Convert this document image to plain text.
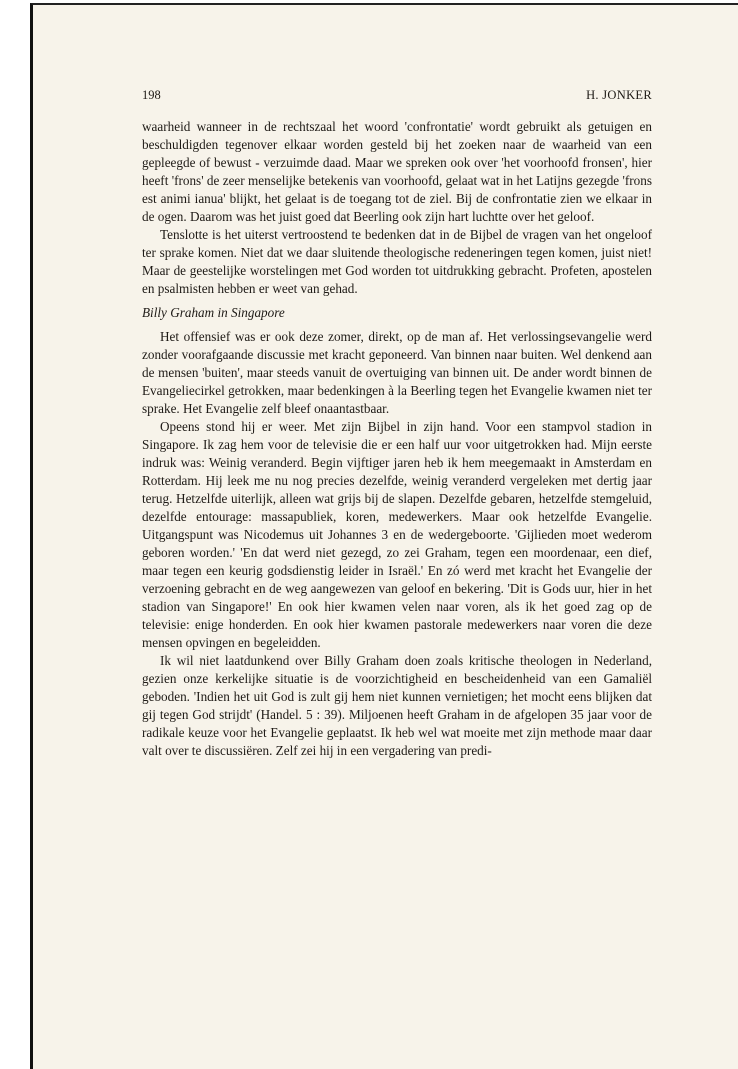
198	H. JONKER

waarheid wanneer in de rechtszaal het woord 'confrontatie' wordt gebruikt als getuigen en beschuldigden tegenover elkaar worden gesteld bij het zoeken naar de waarheid van een gepleegde of bewust - verzuimde daad. Maar we spreken ook over 'het voorhoofd fronsen', hier heeft 'frons' de zeer menselijke betekenis van voorhoofd, gelaat wat in het Latijns gezegde 'frons est animi ianua' blijkt, het gelaat is de toegang tot de ziel. Bij de confrontatie zien we elkaar in de ogen. Daarom was het juist goed dat Beerling ook zijn hart luchtte over het geloof.

Tenslotte is het uiterst vertroostend te bedenken dat in de Bijbel de vragen van het ongeloof ter sprake komen. Niet dat we daar sluitende theologische redeneringen tegen komen, juist niet! Maar de geestelijke worstelingen met God worden tot uitdrukking gebracht. Profeten, apostelen en psalmisten hebben er weet van gehad.

Billy Graham in Singapore

Het offensief was er ook deze zomer, direkt, op de man af. Het verlossingsevangelie werd zonder voorafgaande discussie met kracht geponeerd. Van binnen naar buiten. Wel denkend aan de mensen 'buiten', maar steeds vanuit de overtuiging van binnen uit. De ander wordt binnen de Evangeliecirkel getrokken, maar bedenkingen à la Beerling tegen het Evangelie kwamen niet ter sprake. Het Evangelie zelf bleef onaantastbaar.

Opeens stond hij er weer. Met zijn Bijbel in zijn hand. Voor een stampvol stadion in Singapore. Ik zag hem voor de televisie die er een half uur voor uitgetrokken had. Mijn eerste indruk was: Weinig veranderd. Begin vijftiger jaren heb ik hem meegemaakt in Amsterdam en Rotterdam. Hij leek me nu nog precies dezelfde, weinig veranderd vergeleken met dertig jaar terug. Hetzelfde uiterlijk, alleen wat grijs bij de slapen. Dezelfde gebaren, hetzelfde stemgeluid, dezelfde entourage: massapubliek, koren, medewerkers. Maar ook hetzelfde Evangelie. Uitgangspunt was Nicodemus uit Johannes 3 en de wedergeboorte. 'Gijlieden moet wederom geboren worden.' 'En dat werd niet gezegd, zo zei Graham, tegen een moordenaar, een dief, maar tegen een keurig godsdienstig leider in Israël.' En zó werd met kracht het Evangelie der verzoening gebracht en de weg aangewezen van geloof en bekering. 'Dit is Gods uur, hier in het stadion van Singapore!' En ook hier kwamen velen naar voren, als ik het goed zag op de televisie: enige honderden. En ook hier kwamen pastorale medewerkers naar voren die deze mensen opvingen en begeleidden.

Ik wil niet laatdunkend over Billy Graham doen zoals kritische theologen in Nederland, gezien onze kerkelijke situatie is de voorzichtigheid en bescheidenheid van een Gamaliël geboden. 'Indien het uit God is zult gij hem niet kunnen vernietigen; het mocht eens blijken dat gij tegen God strijdt' (Handel. 5 : 39). Miljoenen heeft Graham in de afgelopen 35 jaar voor de radikale keuze voor het Evangelie geplaatst. Ik heb wel wat moeite met zijn methode maar daar valt over te discussiëren. Zelf zei hij in een vergadering van predi-
